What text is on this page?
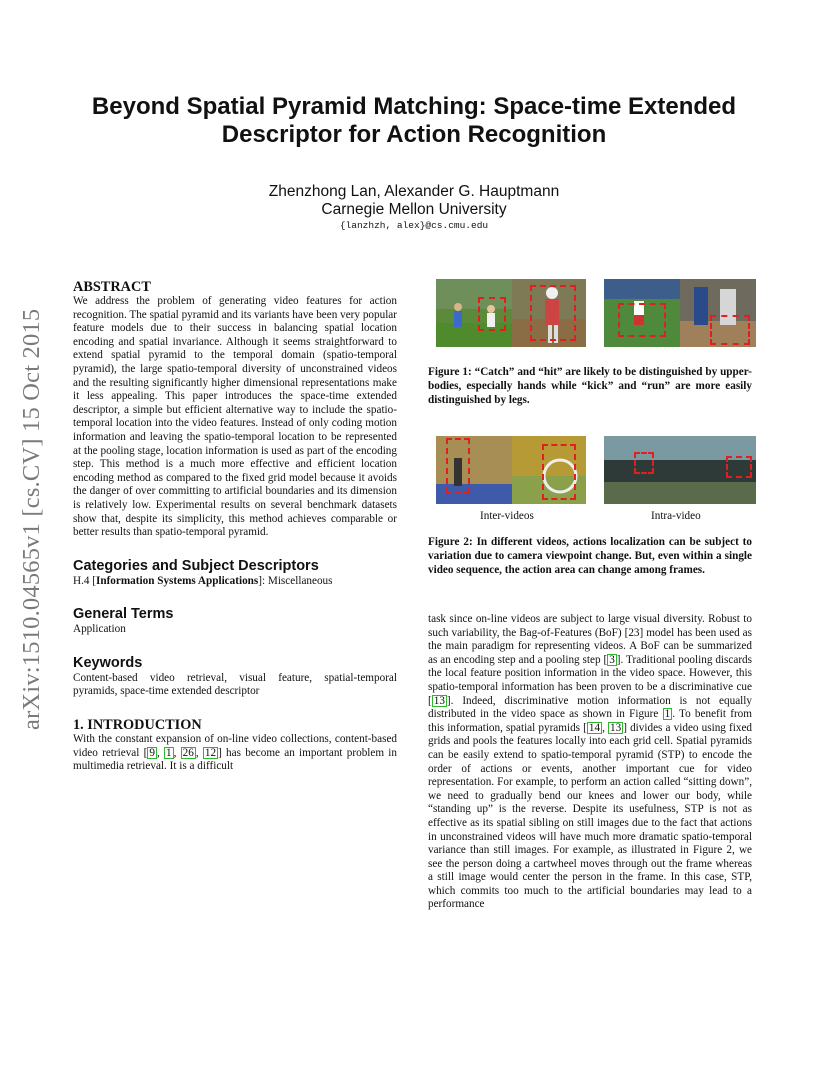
arXiv:1510.04565v1 [cs.CV] 15 Oct 2015
Beyond Spatial Pyramid Matching: Space-time Extended
Descriptor for Action Recognition
Zhenzhong Lan, Alexander G. Hauptmann
Carnegie Mellon University
{lanzhzh, alex}@cs.cmu.edu
ABSTRACT

We address the problem of generating video features for action recognition. The spatial pyramid and its variants have been very popular feature models due to their success in balancing spatial location encoding and spatial invariance. Although it seems straightforward to extend spatial pyramid to the temporal domain (spatio-temporal pyramid), the large spatio-temporal diversity of unconstrained videos and the resulting significantly higher dimensional representations make it less appealing. This paper introduces the space-time extended descriptor, a simple but efficient alternative way to include the spatio-temporal location into the video features. Instead of only coding motion information and leaving the spatio-temporal location to be represented at the pooling stage, location information is used as part of the encoding step. This method is a much more effective and efficient location encoding method as compared to the fixed grid model because it avoids the danger of over committing to artificial boundaries and its dimension is relatively low. Experimental results on several benchmark datasets show that, despite its simplicity, this method achieves comparable or better results than spatio-temporal pyramid.

Categories and Subject Descriptors

H.4 [Information Systems Applications]: Miscellaneous

General Terms

Application

Keywords

Content-based video retrieval, visual feature, spatial-temporal pyramids, space-time extended descriptor

1. INTRODUCTION

With the constant expansion of on-line video collections, content-based video retrieval [ 9 , 1 , 26 , 12 ] has become an important problem in multimedia retrieval. It is a difficult

Figure 1: “Catch” and “hit” are likely to be distinguished by upper-bodies, especially hands while “kick” and “run” are more easily distinguished by legs.
Inter-videos	Intra-video
Figure 2: In different videos, actions localization can be subject to variation due to camera viewpoint change. But, even within a single video sequence, the action area can change among frames.

task since on-line videos are subject to large visual diversity. Robust to such variability, the Bag-of-Features (BoF) [23] model has been used as the main paradigm for representing videos. A BoF can be summarized as an encoding step and a pooling step [ 3 ]. Traditional pooling discards the local feature position information in the video space. However, this spatio-temporal information has been proven to be a discriminative cue [ 13 ]. Indeed, discriminative motion information is not equally distributed in the video space as shown in Figure 1 . To benefit from this information, spatial pyramids [ 14 , 13 ] divides a video using fixed grids and pools the features locally into each grid cell. Spatial pyramids can be easily extend to spatio-temporal pyramid (STP) to encode the order of actions or events, another important cue for video representation. For example, to perform an action called “sitting down”, we need to gradually bend our knees and lower our body, while “standing up” is the reverse. Despite its usefulness, STP is not as effective as its spatial sibling on still images due to the fact that actions in unconstrained videos will have much more dramatic spatio-temporal variance than still images. For example, as illustrated in Figure 2, we see the person doing a cartwheel moves through out the frame whereas a still image would center the person in the frame. In this case, STP, which commits too much to the artificial boundaries may lead to a performance
